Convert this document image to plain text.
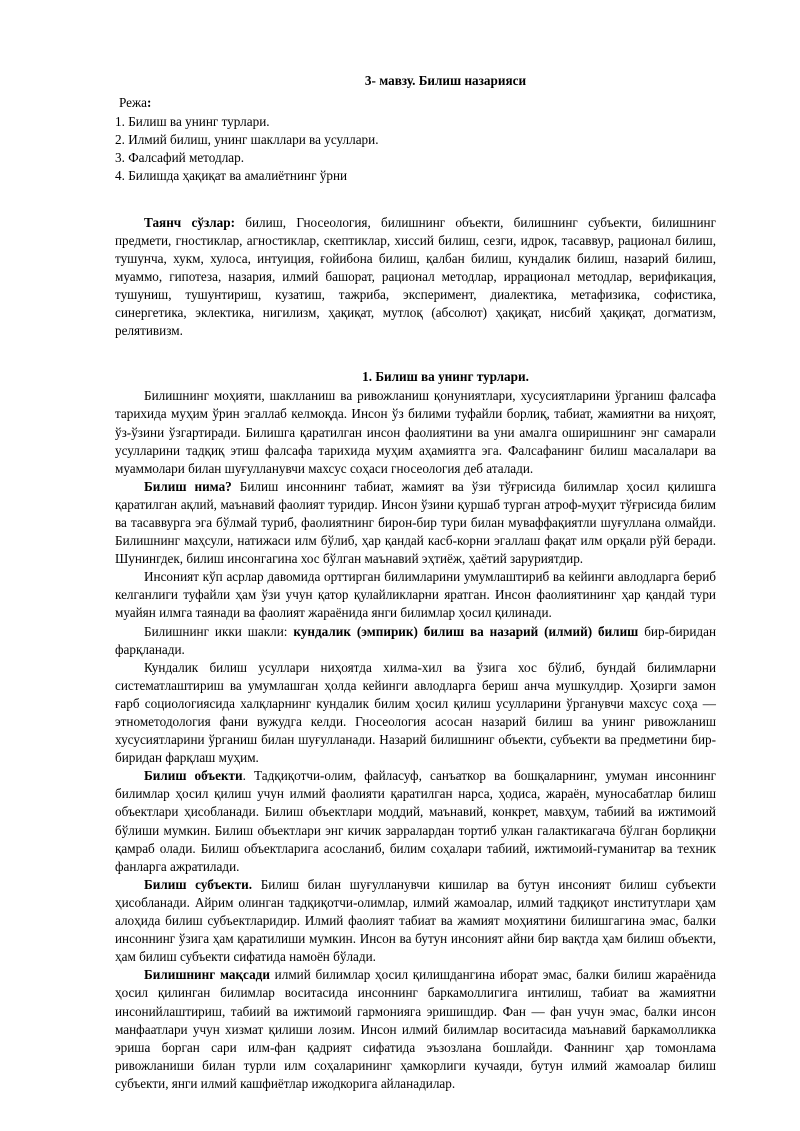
3- мавзу. Билиш назарияси
Режа:
1. Билиш ва унинг турлари.
2. Илмий билиш, унинг шакллари ва усуллари.
3. Фалсафий методлар.
4. Билишда ҳақиқат ва амалиётнинг ўрни

Таянч сўзлар: билиш, Гносеология, билишнинг объекти, билишнинг субъекти, билишнинг предмети, гностиклар, агностиклар, скептиклар, хиссий билиш, сезги, идрок, тасаввур, рационал билиш, тушунча, хукм, хулоса, интуиция, ғойибона билиш, қалбан билиш, кундалик билиш, назарий билиш, муаммо, гипотеза, назария, илмий башорат, рационал методлар, иррационал методлар, верификация, тушуниш, тушунтириш, кузатиш, тажриба, эксперимент, диалектика, метафизика, софистика, синергетика, эклектика, нигилизм, ҳақиқат, мутлоқ (абсолют) ҳақиқат, нисбий ҳақиқат, догматизм, релятивизм.

1. Билиш ва унинг турлари.

Билишнинг моҳияти, шаклланиш ва ривожланиш қонуниятлари, хусусиятларини ўрганиш фалсафа тарихида муҳим ўрин эгаллаб келмоқда. Инсон ўз билими туфайли борлиқ, табиат, жамиятни ва ниҳоят, ўз-ўзини ўзгартиради. Билишга қаратилган инсон фаолиятини ва уни амалга оширишнинг энг самарали усулларини тадқиқ этиш фалсафа тарихида муҳим аҳамиятга эга. Фалсафанинг билиш масалалари ва муаммолари билан шуғулланувчи махсус соҳаси гносеология деб аталади.

Билиш нима? Билиш инсоннинг табиат, жамият ва ўзи тўғрисида билимлар ҳосил қилишга қаратилган ақлий, маънавий фаолият туридир. Инсон ўзини қуршаб турган атроф-муҳит тўғрисида билим ва тасаввурга эга бўлмай туриб, фаолиятнинг бирон-бир тури билан муваффақиятли шуғуллана олмайди. Билишнинг маҳсули, натижаси илм бўлиб, ҳар қандай касб-корни эгаллаш фақат илм орқали рўй беради. Шунингдек, билиш инсонгагина хос бўлган маънавий эҳтиёж, ҳаётий заруриятдир.

Инсоният кўп асрлар давомида орттирган билимларини умумлаштириб ва кейинги авлодларга бериб келганлиги туфайли ҳам ўзи учун қатор қулайликларни яратган. Инсон фаолиятининг ҳар қандай тури муайян илмга таянади ва фаолият жараёнида янги билимлар ҳосил қилинади.

Билишнинг икки шакли: кундалик (эмпирик) билиш ва назарий (илмий) билиш бир-биридан фарқланади.

Кундалик билиш усуллари ниҳоятда хилма-хил ва ўзига хос бўлиб, бундай билимларни систематлаштириш ва умумлашган ҳолда кейинги авлодларга бериш анча мушкулдир. Ҳозирги замон ғарб социологиясида халқларнинг кундалик билим ҳосил қилиш усулларини ўрганувчи махсус соҳа — этнометодология фани вужудга келди. Гносеология асосан назарий билиш ва унинг ривожланиш хусусиятларини ўрганиш билан шуғулланади. Назарий билишнинг объекти, субъекти ва предметини бир-биридан фарқлаш муҳим.

Билиш объекти. Тадқиқотчи-олим, файласуф, санъаткор ва бошқаларнинг, умуман инсоннинг билимлар ҳосил қилиш учун илмий фаолияти қаратилган нарса, ҳодиса, жараён, муносабатлар билиш объектлари ҳисобланади. Билиш объектлари моддий, маънавий, конкрет, мавҳум, табиий ва ижтимоий бўлиши мумкин. Билиш объектлари энг кичик зарралардан тортиб улкан галактикагача бўлган борлиқни қамраб олади. Билиш объектларига асосланиб, билим соҳалари табиий, ижтимоий-гуманитар ва техник фанларга ажратилади.

Билиш субъекти. Билиш билан шуғулланувчи кишилар ва бутун инсоният билиш субъекти ҳисобланади. Айрим олинган тадқиқотчи-олимлар, илмий жамоалар, илмий тадқиқот институтлари ҳам алоҳида билиш субъектларидир. Илмий фаолият табиат ва жамият моҳиятини билишгагина эмас, балки инсоннинг ўзига ҳам қаратилиши мумкин. Инсон ва бутун инсоният айни бир вақтда ҳам билиш объекти, ҳам билиш субъекти сифатида намоён бўлади.

Билишнинг мақсади илмий билимлар ҳосил қилишдангина иборат эмас, балки билиш жараёнида ҳосил қилинган билимлар воситасида инсоннинг баркамоллигига интилиш, табиат ва жамиятни инсонийлаштириш, табиий ва ижтимоий гармонияга эришишдир. Фан — фан учун эмас, балки инсон манфаатлари учун хизмат қилиши лозим. Инсон илмий билимлар воситасида маънавий баркамолликка эриша борган сари илм-фан қадрият сифатида эъзозлана бошлайди. Фаннинг ҳар томонлама ривожланиши билан турли илм соҳаларининг ҳамкорлиги кучаяди, бутун илмий жамоалар билиш субъекти, янги илмий кашфиётлар ижодкорига айланадилар.
